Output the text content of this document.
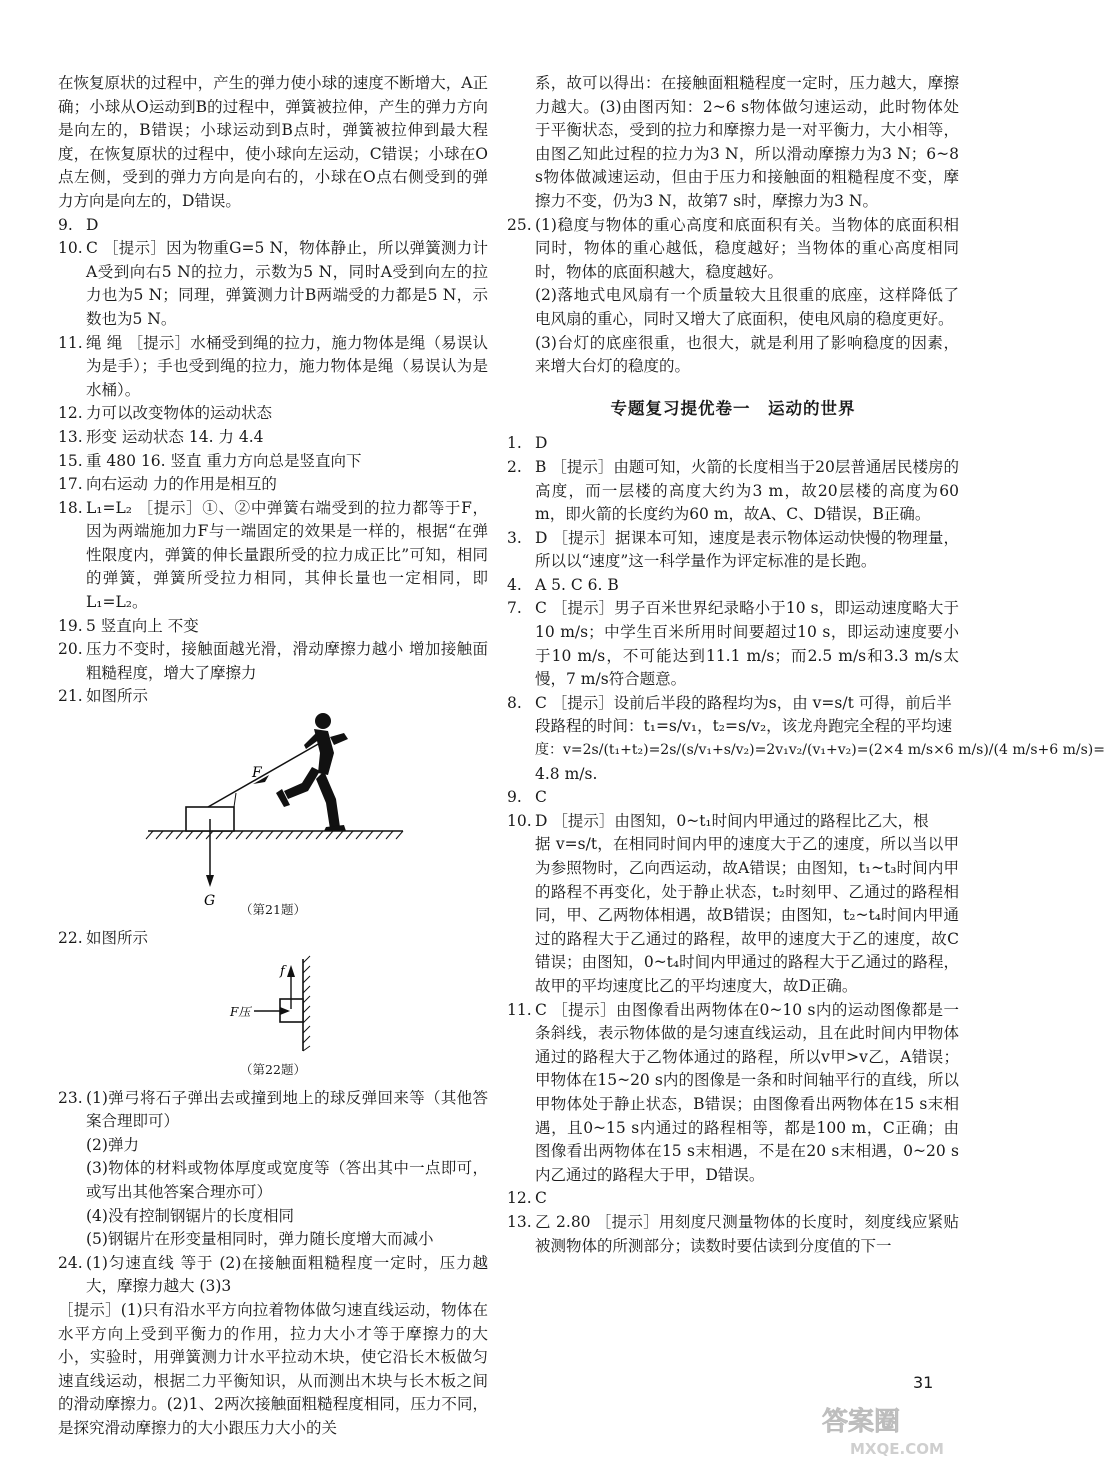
在恢复原状的过程中，产生的弹力使小球的速度不断增大，A正确；小球从O运动到B的过程中，弹簧被拉伸，产生的弹力方向是向左的，B错误；小球运动到B点时，弹簧被拉伸到最大程度，在恢复原状的过程中，使小球向左运动，C错误；小球在O点左侧，受到的弹力方向是向右的，小球在O点右侧受到的弹力方向是向左的，D错误。

9. D
10. C ［提示］因为物重G=5 N，物体静止，所以弹簧测力计A受到向右5 N的拉力，示数为5 N，同时A受到向左的拉力也为5 N；同理，弹簧测力计B两端受的力都是5 N，示数也为5 N。
11. 绳 绳 ［提示］水桶受到绳的拉力，施力物体是绳（易误认为是手）；手也受到绳的拉力，施力物体是绳（易误认为是水桶）。
12. 力可以改变物体的运动状态
13. 形变 运动状态 14. 力 4.4
15. 重 480 16. 竖直 重力方向总是竖直向下
17. 向右运动 力的作用是相互的
18. L₁=L₂ ［提示］①、②中弹簧右端受到的拉力都等于F，因为两端施加力F与一端固定的效果是一样的，根据“在弹性限度内，弹簧的伸长量跟所受的拉力成正比”可知，相同的弹簧，弹簧所受拉力相同，其伸长量也一定相同，即L₁=L₂。
19. 5 竖直向上 不变
20. 压力不变时，接触面越光滑，滑动摩擦力越小 增加接触面粗糙程度，增大了摩擦力
21. 如图所示
F
G
（第21题）
22. 如图所示
f
F压
（第22题）
23. (1)弹弓将石子弹出去或撞到地上的球反弹回来等（其他答案合理即可）

(2)弹力

(3)物体的材料或物体厚度或宽度等（答出其中一点即可，或写出其他答案合理亦可）

(4)没有控制钢锯片的长度相同

(5)钢锯片在形变量相同时，弹力随长度增大而减小

24. (1)匀速直线 等于 (2)在接触面粗糙程度一定时，压力越大，摩擦力越大 (3)3

［提示］(1)只有沿水平方向拉着物体做匀速直线运动，物体在水平方向上受到平衡力的作用，拉力大小才等于摩擦力的大小，实验时，用弹簧测力计水平拉动木块，使它沿长木板做匀速直线运动，根据二力平衡知识，从而测出木块与长木板之间的滑动摩擦力。(2)1、2两次接触面粗糙程度相同，压力不同，是探究滑动摩擦力的大小跟压力大小的关

系，故可以得出：在接触面粗糙程度一定时，压力越大，摩擦力越大。(3)由图丙知：2~6 s物体做匀速运动，此时物体处于平衡状态，受到的拉力和摩擦力是一对平衡力，大小相等，由图乙知此过程的拉力为3 N，所以滑动摩擦力为3 N；6~8 s物体做减速运动，但由于压力和接触面的粗糙程度不变，摩擦力不变，仍为3 N，故第7 s时，摩擦力为3 N。

25. (1)稳度与物体的重心高度和底面积有关。当物体的底面积相同时，物体的重心越低，稳度越好；当物体的重心高度相同时，物体的底面积越大，稳度越好。

(2)落地式电风扇有一个质量较大且很重的底座，这样降低了电风扇的重心，同时又增大了底面积，使电风扇的稳度更好。

(3)台灯的底座很重，也很大，就是利用了影响稳度的因素，来增大台灯的稳度的。

专题复习提优卷一　运动的世界
1. D
2. B ［提示］由题可知，火箭的长度相当于20层普通居民楼房的高度，而一层楼的高度大约为3 m，故20层楼的高度为60 m，即火箭的长度约为60 m，故A、C、D错误，B正确。
3. D ［提示］据课本可知，速度是表示物体运动快慢的物理量，所以以“速度”这一科学量作为评定标准的是长跑。
4. A 5. C 6. B
7. C ［提示］男子百米世界纪录略小于10 s，即运动速度略大于10 m/s；中学生百米所用时间要超过10 s，即运动速度要小于10 m/s，不可能达到11.1 m/s；而2.5 m/s和3.3 m/s太慢，7 m/s符合题意。
8. C ［提示］设前后半段的路程均为s，由 v=s/t 可得，前后半

段路程的时间：t₁=s/v₁，t₂=s/v₂，该龙舟跑完全程的平均速

度：v=2s/(t₁+t₂)=2s/(s/v₁+s/v₂)=2v₁v₂/(v₁+v₂)=(2×4 m/s×6 m/s)/(4 m/s+6 m/s)=

4.8 m/s.

9. C
10. D ［提示］由图知，0~t₁时间内甲通过的路程比乙大，根

据 v=s/t，在相同时间内甲的速度大于乙的速度，所以当以甲为参照物时，乙向西运动，故A错误；由图知，t₁~t₃时间内甲的路程不再变化，处于静止状态，t₂时刻甲、乙通过的路程相同，甲、乙两物体相遇，故B错误；由图知，t₂~t₄时间内甲通过的路程大于乙通过的路程，故甲的速度大于乙的速度，故C错误；由图知，0~t₄时间内甲通过的路程大于乙通过的路程，故甲的平均速度比乙的平均速度大，故D正确。

11. C ［提示］由图像看出两物体在0~10 s内的运动图像都是一条斜线，表示物体做的是匀速直线运动，且在此时间内甲物体通过的路程大于乙物体通过的路程，所以v甲>v乙，A错误；甲物体在15~20 s内的图像是一条和时间轴平行的直线，所以甲物体处于静止状态，B错误；由图像看出两物体在15 s末相遇，且0~15 s内通过的路程相等，都是100 m，C正确；由图像看出两物体在15 s末相遇，不是在20 s末相遇，0~20 s内乙通过的路程大于甲，D错误。
12. C
13. 乙 2.80 ［提示］用刻度尺测量物体的长度时，刻度线应紧贴被测物体的所测部分；读数时要估读到分度值的下一
31
答案圈
MXQE.COM
